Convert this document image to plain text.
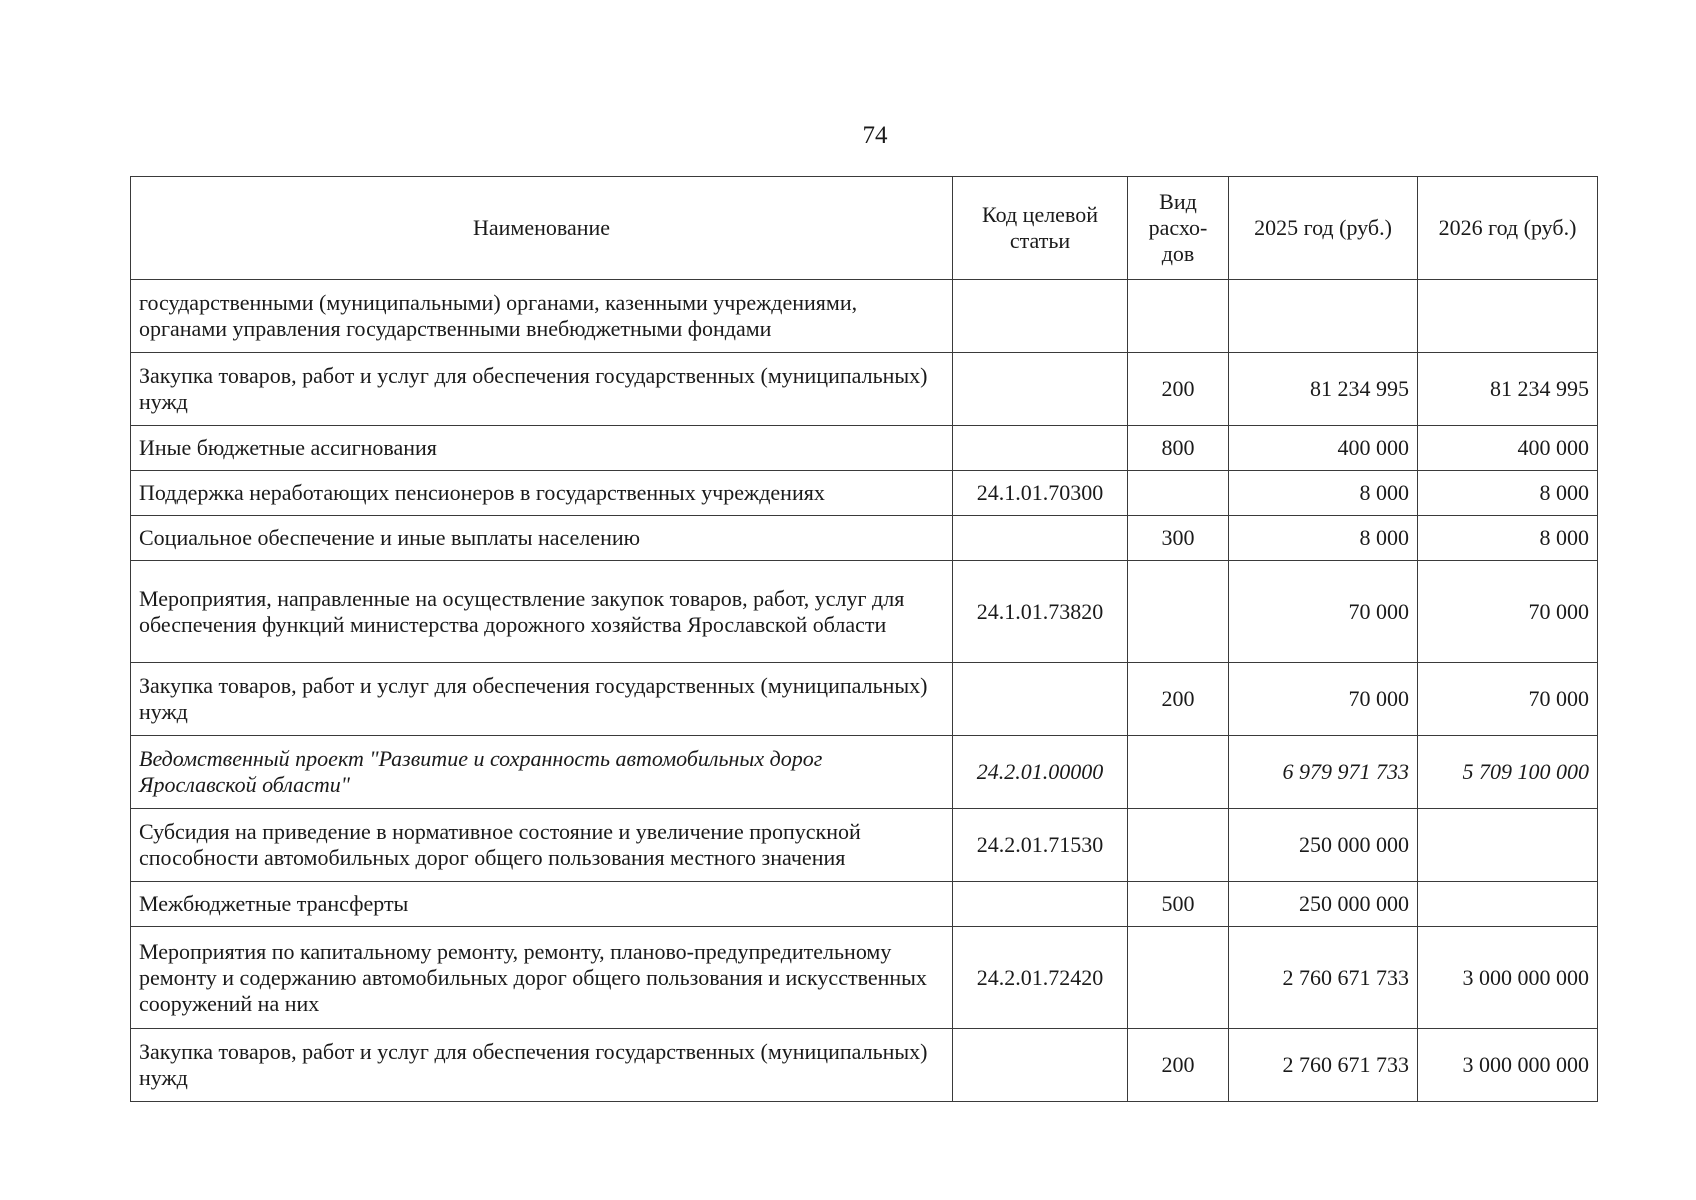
74
Наименование	Код целевой статьи	Вид расхо-дов	2025 год (руб.)	2026 год (руб.)
государственными (муниципальными) органами, казенными учреждениями, органами управления государственными внебюджетными фондами				
Закупка товаров, работ и услуг для обеспечения государственных (муниципальных) нужд		200	81 234 995	81 234 995
Иные бюджетные ассигнования		800	400 000	400 000
Поддержка неработающих пенсионеров в государственных учреждениях	24.1.01.70300		8 000	8 000
Социальное обеспечение и иные выплаты населению		300	8 000	8 000
Мероприятия, направленные на осуществление закупок товаров, работ, услуг для обеспечения функций министерства дорожного хозяйства Ярославской области	24.1.01.73820		70 000	70 000
Закупка товаров, работ и услуг для обеспечения государственных (муниципальных) нужд		200	70 000	70 000
Ведомственный проект "Развитие и сохранность автомобильных дорог Ярославской области"	24.2.01.00000		6 979 971 733	5 709 100 000
Субсидия на приведение в нормативное состояние и увеличение пропускной способности автомобильных дорог общего пользования местного значения	24.2.01.71530		250 000 000	
Межбюджетные трансферты		500	250 000 000	
Мероприятия по капитальному ремонту, ремонту, планово-предупредительному ремонту и содержанию автомобильных дорог общего пользования и искусственных сооружений на них	24.2.01.72420		2 760 671 733	3 000 000 000
Закупка товаров, работ и услуг для обеспечения государственных (муниципальных) нужд		200	2 760 671 733	3 000 000 000
